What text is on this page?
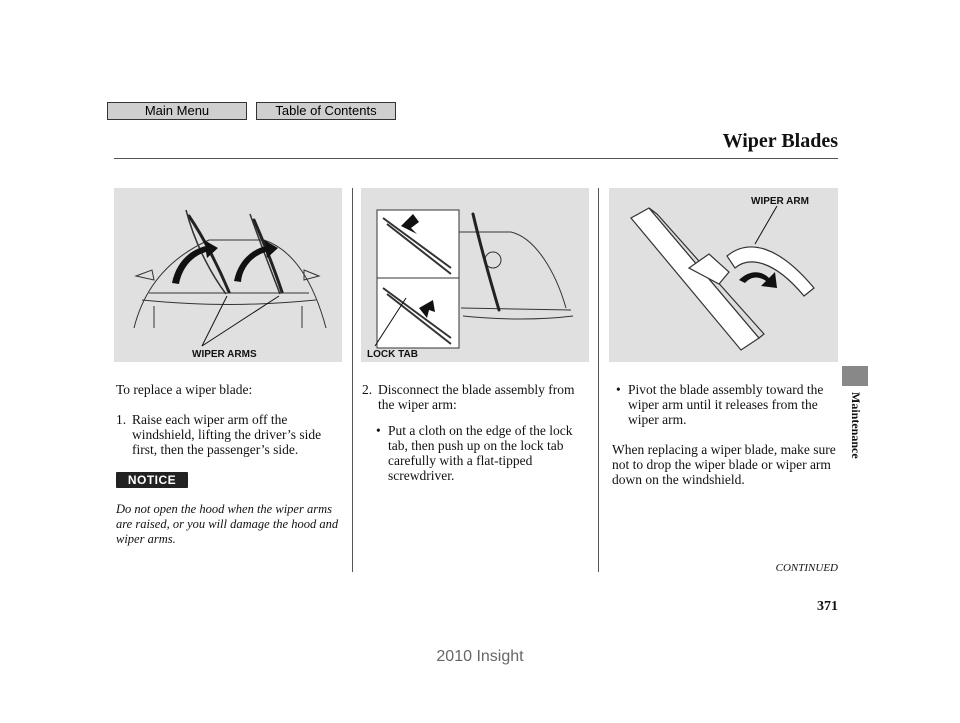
Main Menu	Table of Contents
Wiper Blades
WIPER ARMS	LOCK TAB
WIPER ARM

To replace a wiper blade:

1. Raise each wiper arm off the windshield, lifting the driver’s side first, then the passenger’s side.

NOTICE
Do not open the hood when the wiper arms are raised, or you will damage the hood and wiper arms.

2. Disconnect the blade assembly from the wiper arm:

• Put a cloth on the edge of the lock tab, then push up on the lock tab carefully with a flat-tipped screwdriver.

• Pivot the blade assembly toward the wiper arm until it releases from the wiper arm.

When replacing a wiper blade, make sure not to drop the wiper blade or wiper arm down on the windshield.

CONTINUED
371
Maintenance
2010 Insight
